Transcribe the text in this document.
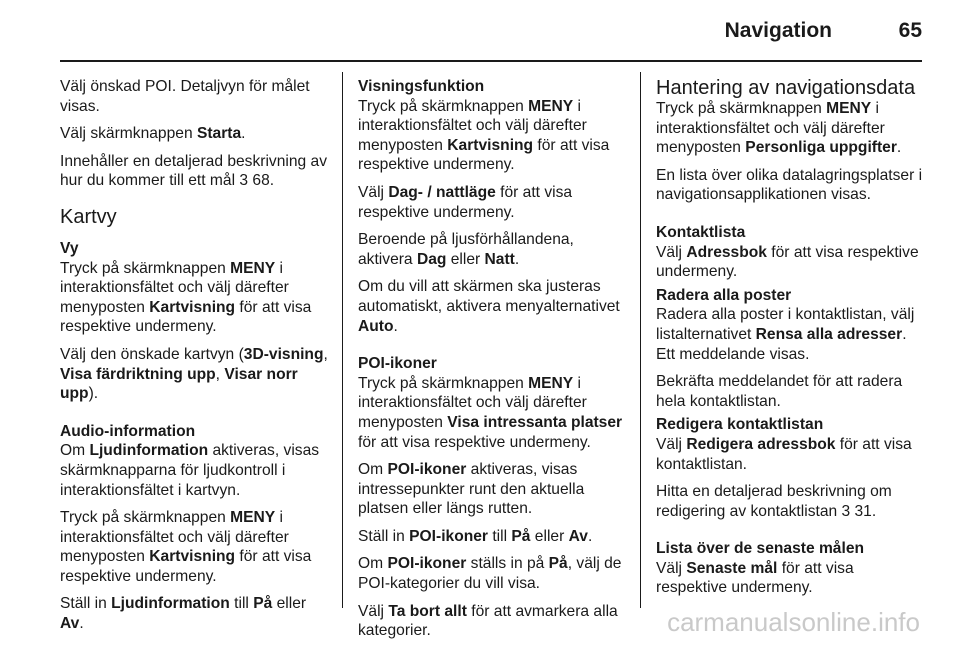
Navigation	65

Välj önskad POI. Detaljvyn för målet visas.

Välj skärmknappen Starta.

Innehåller en detaljerad beskrivning av hur du kommer till ett mål 3 68.

Kartvy
Vy

Tryck på skärmknappen MENY i interaktionsfältet och välj därefter menyposten Kartvisning för att visa respektive undermeny.

Välj den önskade kartvyn (3D-visning, Visa färdriktning upp, Visar norr upp).

Audio-information

Om Ljudinformation aktiveras, visas skärmknapparna för ljudkontroll i interaktionsfältet i kartvyn.

Tryck på skärmknappen MENY i interaktionsfältet och välj därefter menyposten Kartvisning för att visa respektive undermeny.

Ställ in Ljudinformation till På eller Av.

Visningsfunktion

Tryck på skärmknappen MENY i interaktionsfältet och välj därefter menyposten Kartvisning för att visa respektive undermeny.

Välj Dag- / nattläge för att visa respektive undermeny.

Beroende på ljusförhållandena, aktivera Dag eller Natt.

Om du vill att skärmen ska justeras automatiskt, aktivera menyalternativet Auto.

POI-ikoner

Tryck på skärmknappen MENY i interaktionsfältet och välj därefter menyposten Visa intressanta platser för att visa respektive undermeny.

Om POI-ikoner aktiveras, visas intressepunkter runt den aktuella platsen eller längs rutten.

Ställ in POI-ikoner till På eller Av.

Om POI-ikoner ställs in på På, välj de POI-kategorier du vill visa.

Välj Ta bort allt för att avmarkera alla kategorier.

Hantering av navigationsdata

Tryck på skärmknappen MENY i interaktionsfältet och välj därefter menyposten Personliga uppgifter.

En lista över olika datalagringsplatser i navigationsapplikationen visas.

Kontaktlista

Välj Adressbok för att visa respektive undermeny.

Radera alla poster

Radera alla poster i kontaktlistan, välj listalternativet Rensa alla adresser. Ett meddelande visas.

Bekräfta meddelandet för att radera hela kontaktlistan.

Redigera kontaktlistan

Välj Redigera adressbok för att visa kontaktlistan.

Hitta en detaljerad beskrivning om redigering av kontaktlistan 3 31.

Lista över de senaste målen

Välj Senaste mål för att visa respektive undermeny.

carmanualsonline.info
